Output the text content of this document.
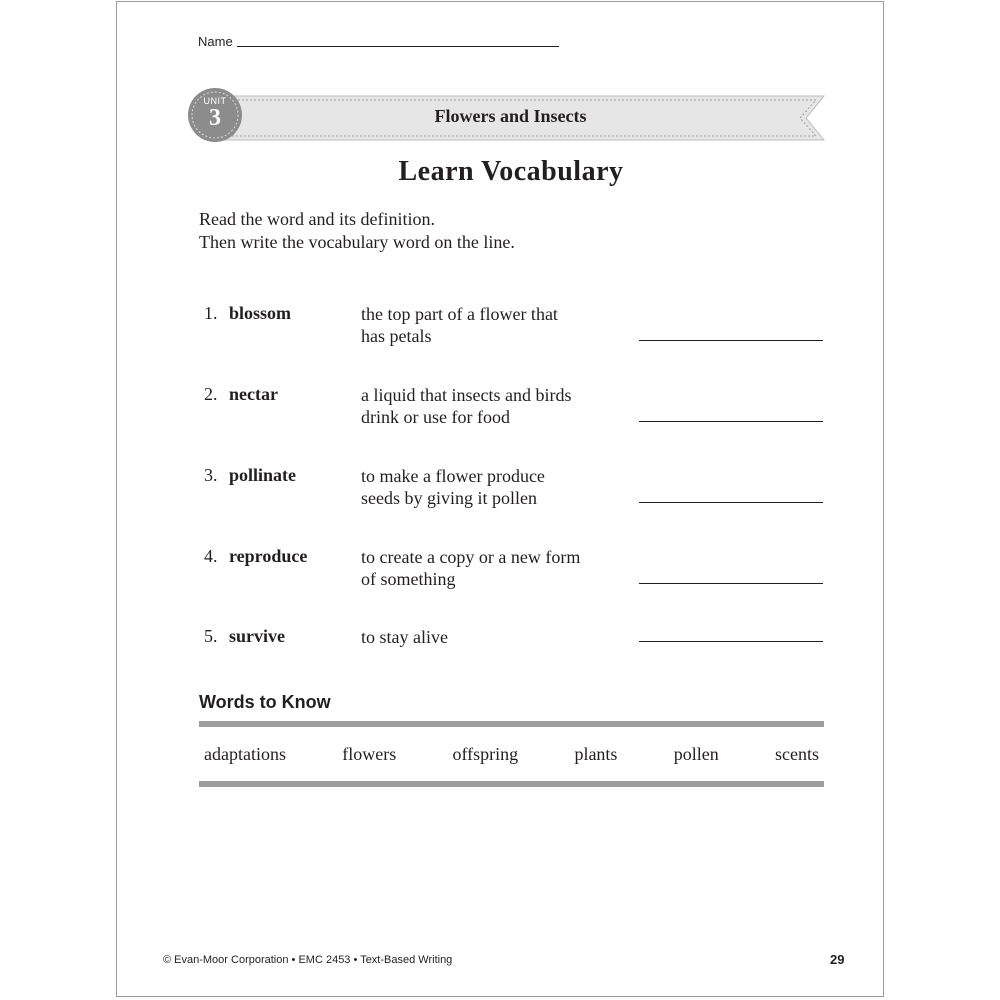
Name
UNIT
3	Flowers and Insects
Learn Vocabulary
Read the word and its definition.
Then write the vocabulary word on the line.
1. blossom	the top part of a flower that
has petals
2. nectar	a liquid that insects and birds
drink or use for food
3. pollinate	to make a flower produce
seeds by giving it pollen
4. reproduce	to create a copy or a new form
of something
5. survive	to stay alive
Words to Know
adaptations	flowers	offspring	plants	pollen	scents
© Evan-Moor Corporation • EMC 2453 • Text-Based Writing	29
